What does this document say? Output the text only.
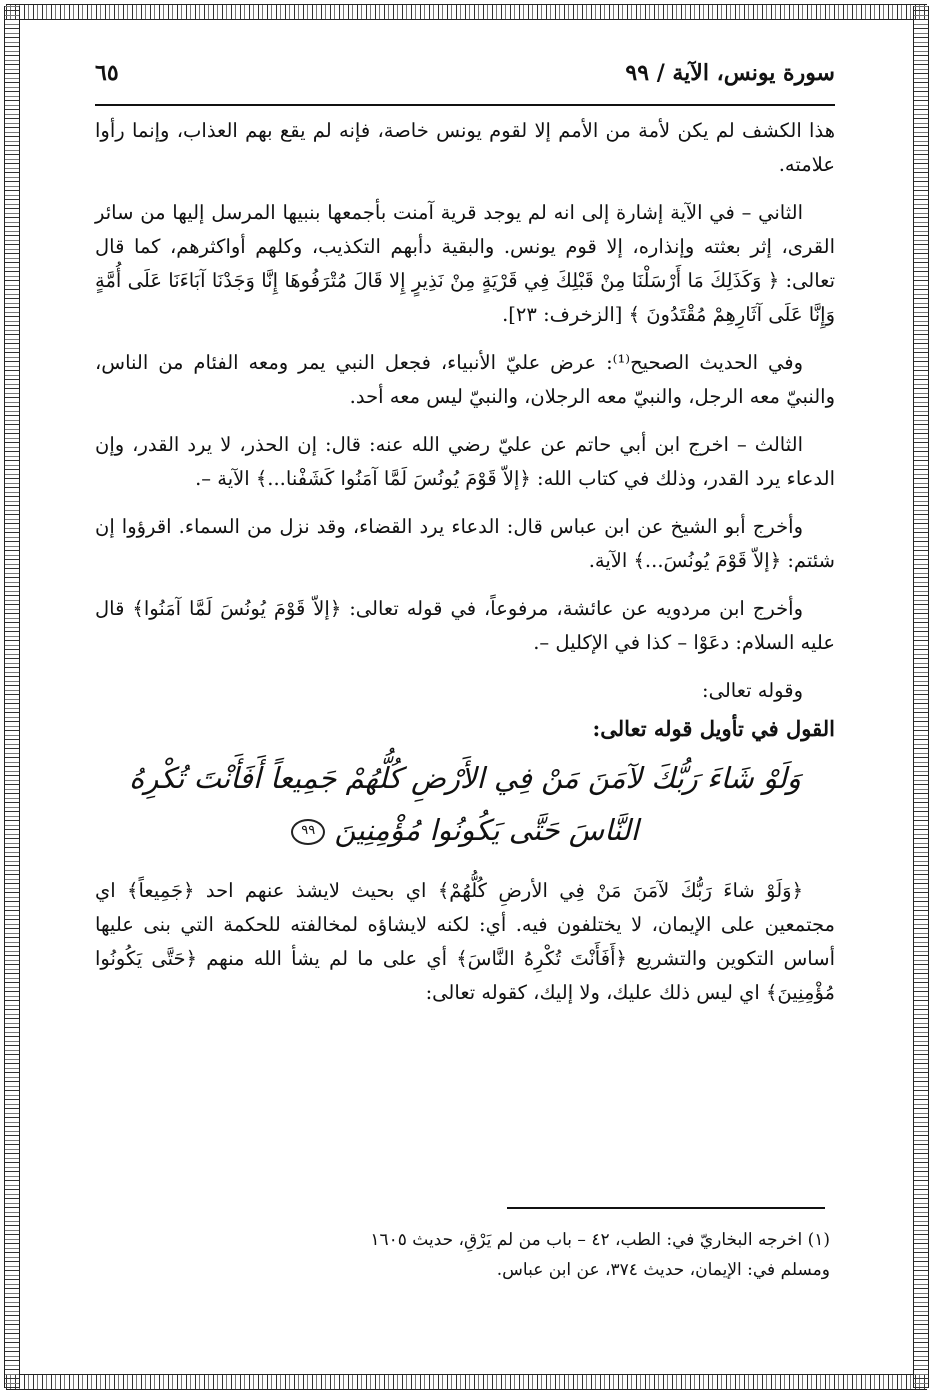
سورة يونس، الآية / ٩٩
٦٥

هذا الكشف لم يكن لأمة من الأمم إلا لقوم يونس خاصة، فإنه لم يقع بهم العذاب، وإنما رأوا علامته.

الثاني – في الآية إشارة إلى انه لم يوجد قرية آمنت بأجمعها بنبيها المرسل إليها من سائر القرى، إثر بعثته وإنذاره، إلا قوم يونس. والبقية دأبهم التكذيب، وكلهم أواكثرهم، كما قال تعالى: ﴿ وَكَذَلِكَ مَا أَرْسَلْنَا مِنْ قَبْلِكَ فِي قَرْيَةٍ مِنْ نَذِيرٍ إِلا قَالَ مُتْرَفُوهَا إِنَّا وَجَدْنَا آبَاءَنَا عَلَى أُمَّةٍ وَإِنَّا عَلَى آثَارِهِمْ مُقْتَدُونَ ﴾ [الزخرف: ٢٣].

وفي الحديث الصحيح⁽¹⁾: عرض عليّ الأنبياء، فجعل النبي يمر ومعه الفئام من الناس، والنبيّ معه الرجل، والنبيّ معه الرجلان، والنبيّ ليس معه أحد.

الثالث – اخرج ابن أبي حاتم عن عليّ رضي الله عنه: قال: إن الحذر، لا يرد القدر، وإن الدعاء يرد القدر، وذلك في كتاب الله: ﴿إلاّ قَوْمَ يُونُسَ لَمَّا آمَنُوا كَشَفْنا...﴾ الآية –.

وأخرج أبو الشيخ عن ابن عباس قال: الدعاء يرد القضاء، وقد نزل من السماء. اقرؤوا إن شئتم: ﴿إلاّ قَوْمَ يُونُسَ...﴾ الآية.

وأخرج ابن مردويه عن عائشة، مرفوعاً، في قوله تعالى: ﴿إلاّ قَوْمَ يُونُسَ لَمَّا آمَنُوا﴾ قال عليه السلام: دعَوْا – كذا في الإكليل –.

وقوله تعالى:

القول في تأويل قوله تعالى:
وَلَوْ شَاءَ رَبُّكَ لآمَنَ مَنْ فِي الأَرْضِ كُلُّهُمْ جَمِيعاً أَفَأَنْتَ تُكْرِهُ النَّاسَ حَتَّى يَكُونُوا مُؤْمِنِينَ ٩٩

﴿وَلَوْ شاءَ رَبُّكَ لآمَنَ مَنْ فِي الأرضِ كُلُّهُمْ﴾ اي بحيث لايشذ عنهم احد ﴿جَمِيعاً﴾ اي مجتمعين على الإيمان، لا يختلفون فيه. أي: لكنه لايشاؤه لمخالفته للحكمة التي بنى عليها أساس التكوين والتشريع ﴿أَفَأَنْتَ تُكْرِهُ النَّاسَ﴾ أي على ما لم يشأ الله منهم ﴿حَتَّى يَكُونُوا مُؤْمِنِينَ﴾ اي ليس ذلك عليك، ولا إليك، كقوله تعالى:

(١) اخرجه البخاريّ في: الطب، ٤٢ – باب من لم يَرْقِ، حديث ١٦٠٥
ومسلم في: الإيمان، حديث ٣٧٤، عن ابن عباس.
